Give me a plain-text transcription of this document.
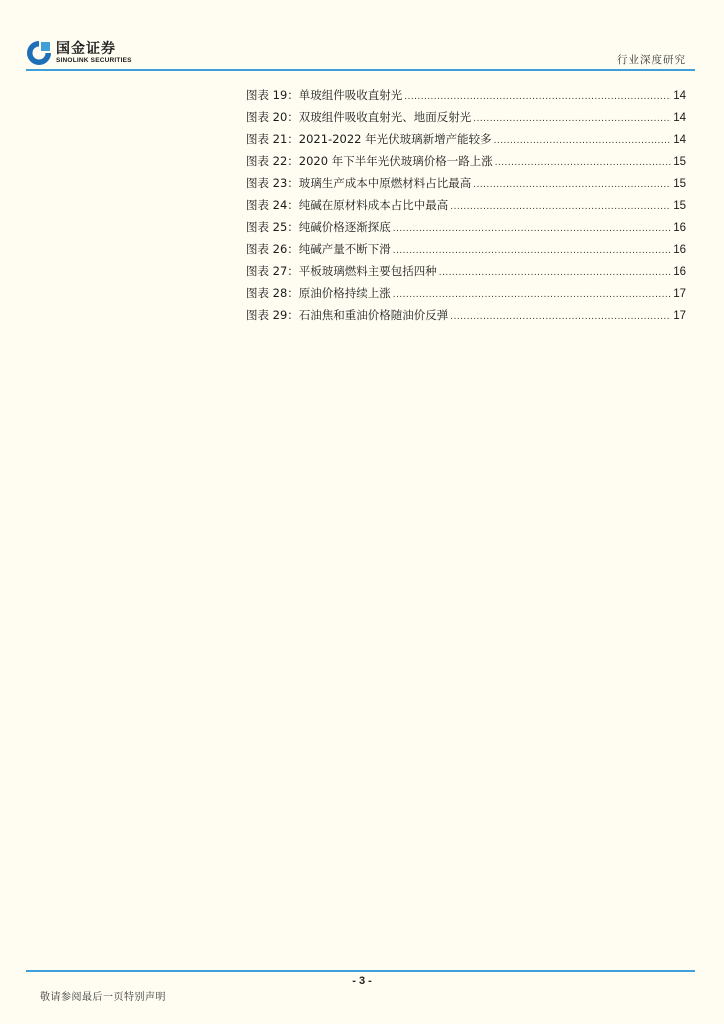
国金证券
SINOLINK SECURITIES	行业深度研究
图表 19：单玻组件吸收直射光 .....	14
图表 20：双玻组件吸收直射光、地面反射光 .....	14
图表 21：2021-2022 年光伏玻璃新增产能较多 .....	14
图表 22：2020 年下半年光伏玻璃价格一路上涨 .....	15
图表 23：玻璃生产成本中原燃材料占比最高 .....	15
图表 24：纯碱在原材料成本占比中最高 .....	15
图表 25：纯碱价格逐渐探底 .....	16
图表 26：纯碱产量不断下滑 .....	16
图表 27：平板玻璃燃料主要包括四种 .....	16
图表 28：原油价格持续上涨 .....	17
图表 29：石油焦和重油价格随油价反弹 .....	17
- 3 -
敬请参阅最后一页特别声明
